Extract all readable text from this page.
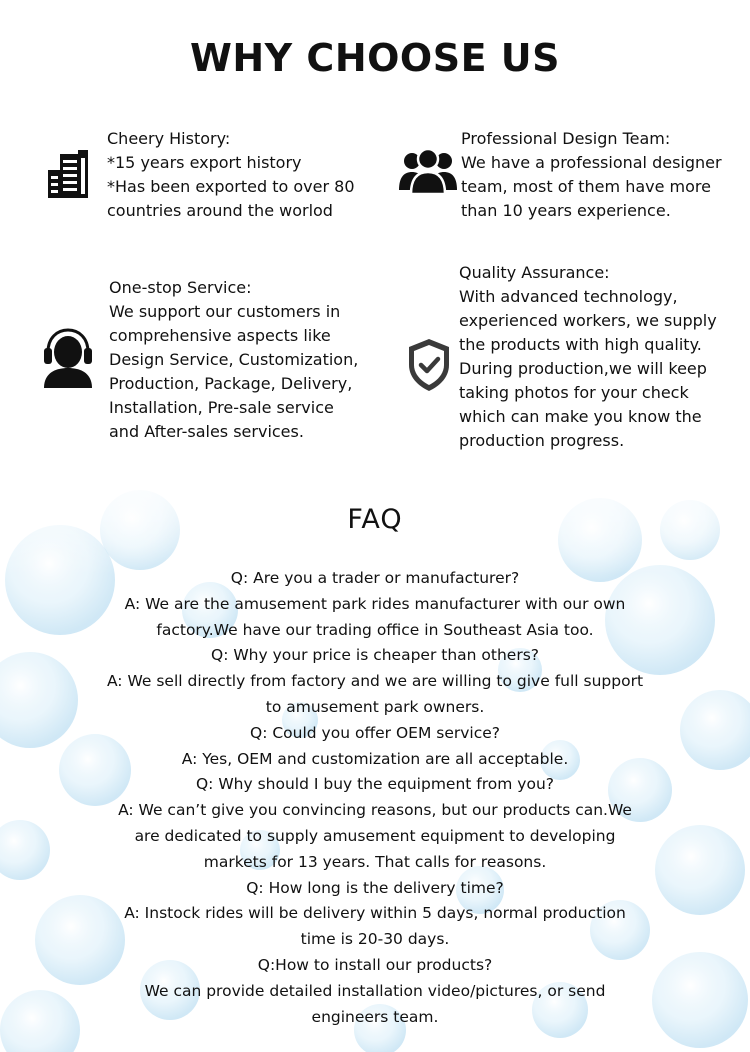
WHY CHOOSE US
Cheery History:
*15 years export history
*Has been exported to over 80
countries around the worlod
Professional Design Team:
We have a professional designer
team, most of them have more
than 10 years experience.
One-stop Service:
We support our customers in
comprehensive aspects like
Design Service, Customization,
Production, Package, Delivery,
Installation, Pre-sale service
and After-sales services.
Quality Assurance:
With advanced technology,
experienced workers, we supply
the products with high quality.
During production,we will keep
taking photos for your check
which can make you know the
production progress.
FAQ
Q: Are you a trader or manufacturer?
A: We are the amusement park rides manufacturer with our own
factory.We have our trading office in Southeast Asia too.
Q: Why your price is cheaper than others?
A: We sell directly from factory and we are willing to give full support
to amusement park owners.
Q: Could you offer OEM service?
A: Yes, OEM and customization are all acceptable.
Q: Why should I buy the equipment from you?
A: We can’t give you convincing reasons, but our products can.We
are dedicated to supply amusement equipment to developing
markets for 13 years. That calls for reasons.
Q: How long is the delivery time?
A: Instock rides will be delivery within 5 days, normal production
time is 20-30 days.
Q:How to install our products?
We can provide detailed installation video/pictures, or send
engineers team.
